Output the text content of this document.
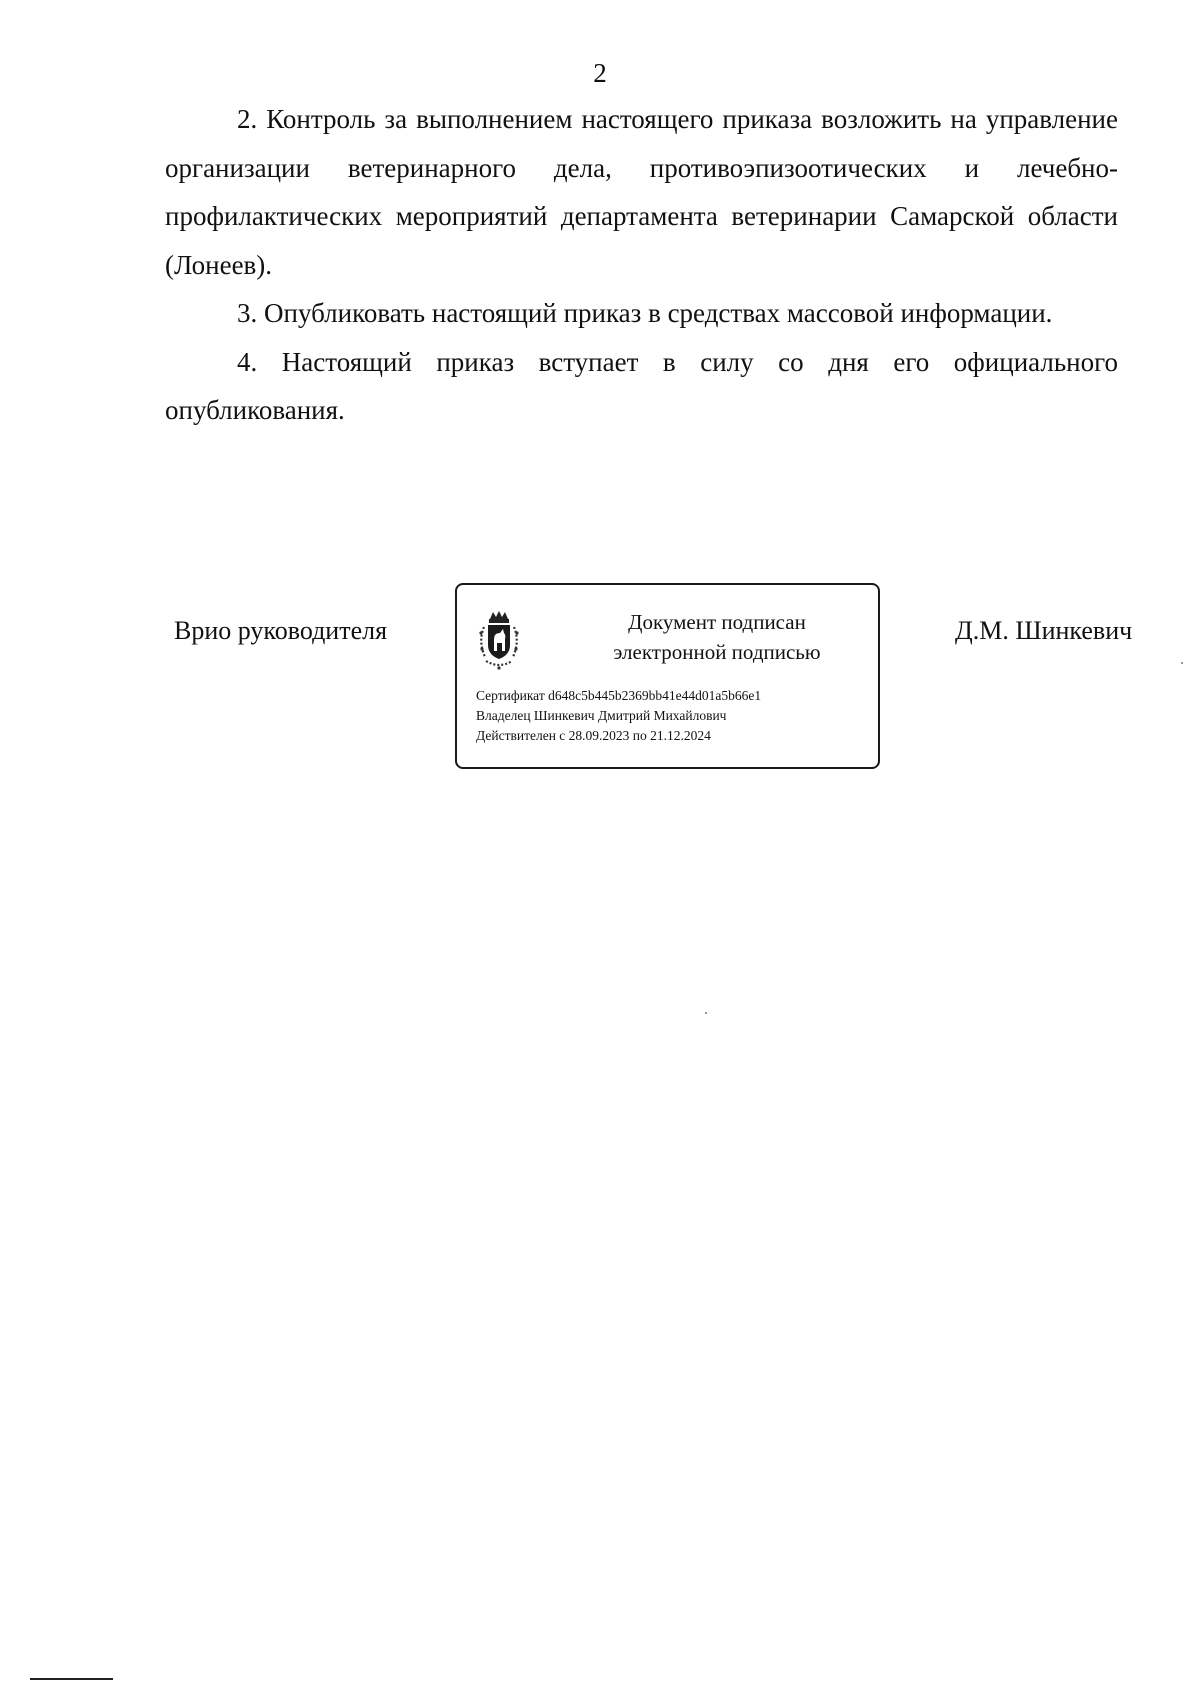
2

2. Контроль за выполнением настоящего приказа возложить на управление организации ветеринарного дела, противоэпизоотических и лечебно-профилактических мероприятий департамента ветеринарии Самарской области (Лонеев).

3. Опубликовать настоящий приказ в средствах массовой информации.

4. Настоящий приказ вступает в силу со дня его официального опубликования.

Врио руководителя	Документ подписан
электронной подписью
Сертификат d648c5b445b2369bb41e44d01a5b66e1
Владелец Шинкевич Дмитрий Михайлович
Действителен с 28.09.2023 по 21.12.2024
Д.М. Шинкевич
